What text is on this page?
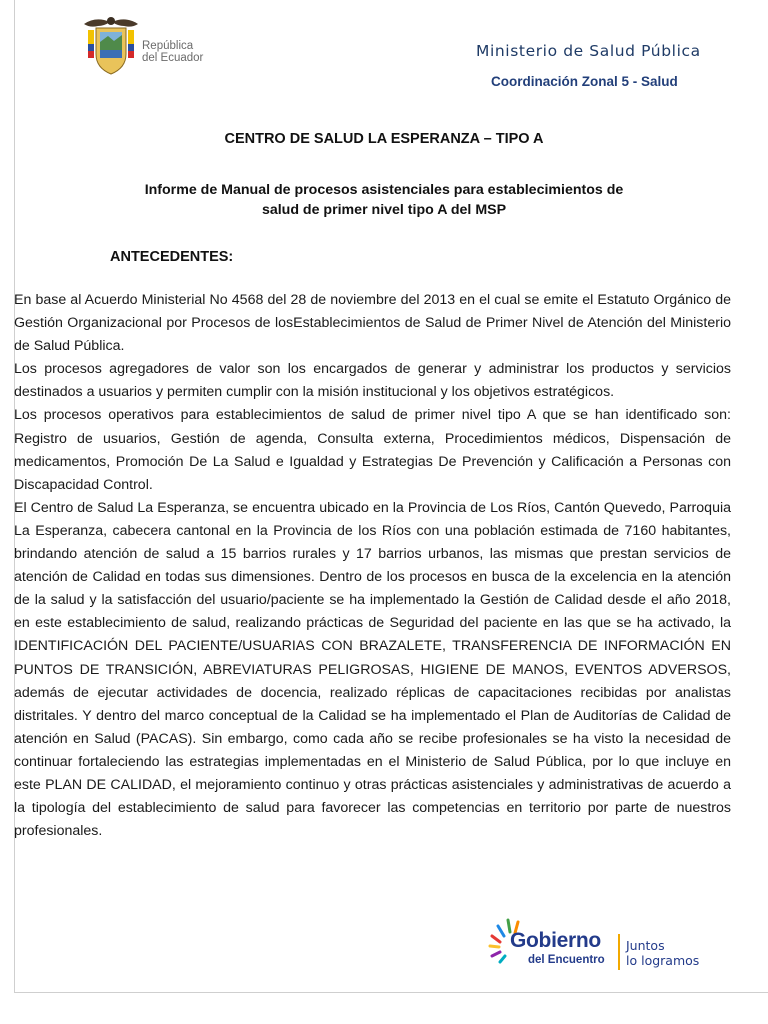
República
del Ecuador	Ministerio de Salud Pública
Coordinación Zonal 5 - Salud
CENTRO DE SALUD LA ESPERANZA – TIPO A
Informe de Manual de procesos asistenciales para establecimientos de
salud de primer nivel tipo A del MSP
ANTECEDENTES:

En base al Acuerdo Ministerial No 4568 del 28 de noviembre del 2013 en el cual se emite el Estatuto Orgánico de Gestión Organizacional por Procesos de losEstablecimientos de Salud de Primer Nivel de Atención del Ministerio de Salud Pública.

Los procesos agregadores de valor son los encargados de generar y administrar los productos y servicios destinados a usuarios y permiten cumplir con la misión institucional y los objetivos estratégicos.

Los procesos operativos para establecimientos de salud de primer nivel tipo A que se han identificado son: Registro de usuarios, Gestión de agenda, Consulta externa, Procedimientos médicos, Dispensación de medicamentos, Promoción De La Salud e Igualdad y Estrategias De Prevención y Calificación a Personas con Discapacidad Control.

El Centro de Salud La Esperanza, se encuentra ubicado en la Provincia de Los Ríos, Cantón Quevedo, Parroquia La Esperanza, cabecera cantonal en la Provincia de los Ríos con una población estimada de 7160 habitantes, brindando atención de salud a 15 barrios rurales y 17 barrios urbanos, las mismas que prestan servicios de atención de Calidad en todas sus dimensiones. Dentro de los procesos en busca de la excelencia en la atención de la salud y la satisfacción del usuario/paciente se ha implementado la Gestión de Calidad desde el año 2018, en este establecimiento de salud, realizando prácticas de Seguridad del paciente en las que se ha activado, la IDENTIFICACIÓN DEL PACIENTE/USUARIAS CON BRAZALETE, TRANSFERENCIA DE INFORMACIÓN EN PUNTOS DE TRANSICIÓN, ABREVIATURAS PELIGROSAS, HIGIENE DE MANOS, EVENTOS ADVERSOS, además de ejecutar actividades de docencia, realizado réplicas de capacitaciones recibidas por analistas distritales. Y dentro del marco conceptual de la Calidad se ha implementado el Plan de Auditorías de Calidad de atención en Salud (PACAS). Sin embargo, como cada año se recibe profesionales se ha visto la necesidad de continuar fortaleciendo las estrategias implementadas en el Ministerio de Salud Pública, por lo que incluye en este PLAN DE CALIDAD, el mejoramiento continuo y otras prácticas asistenciales y administrativas de acuerdo a la tipología del establecimiento de salud para favorecer las competencias en territorio por parte de nuestros profesionales.

Gobierno
del Encuentro
Juntos
lo logramos
